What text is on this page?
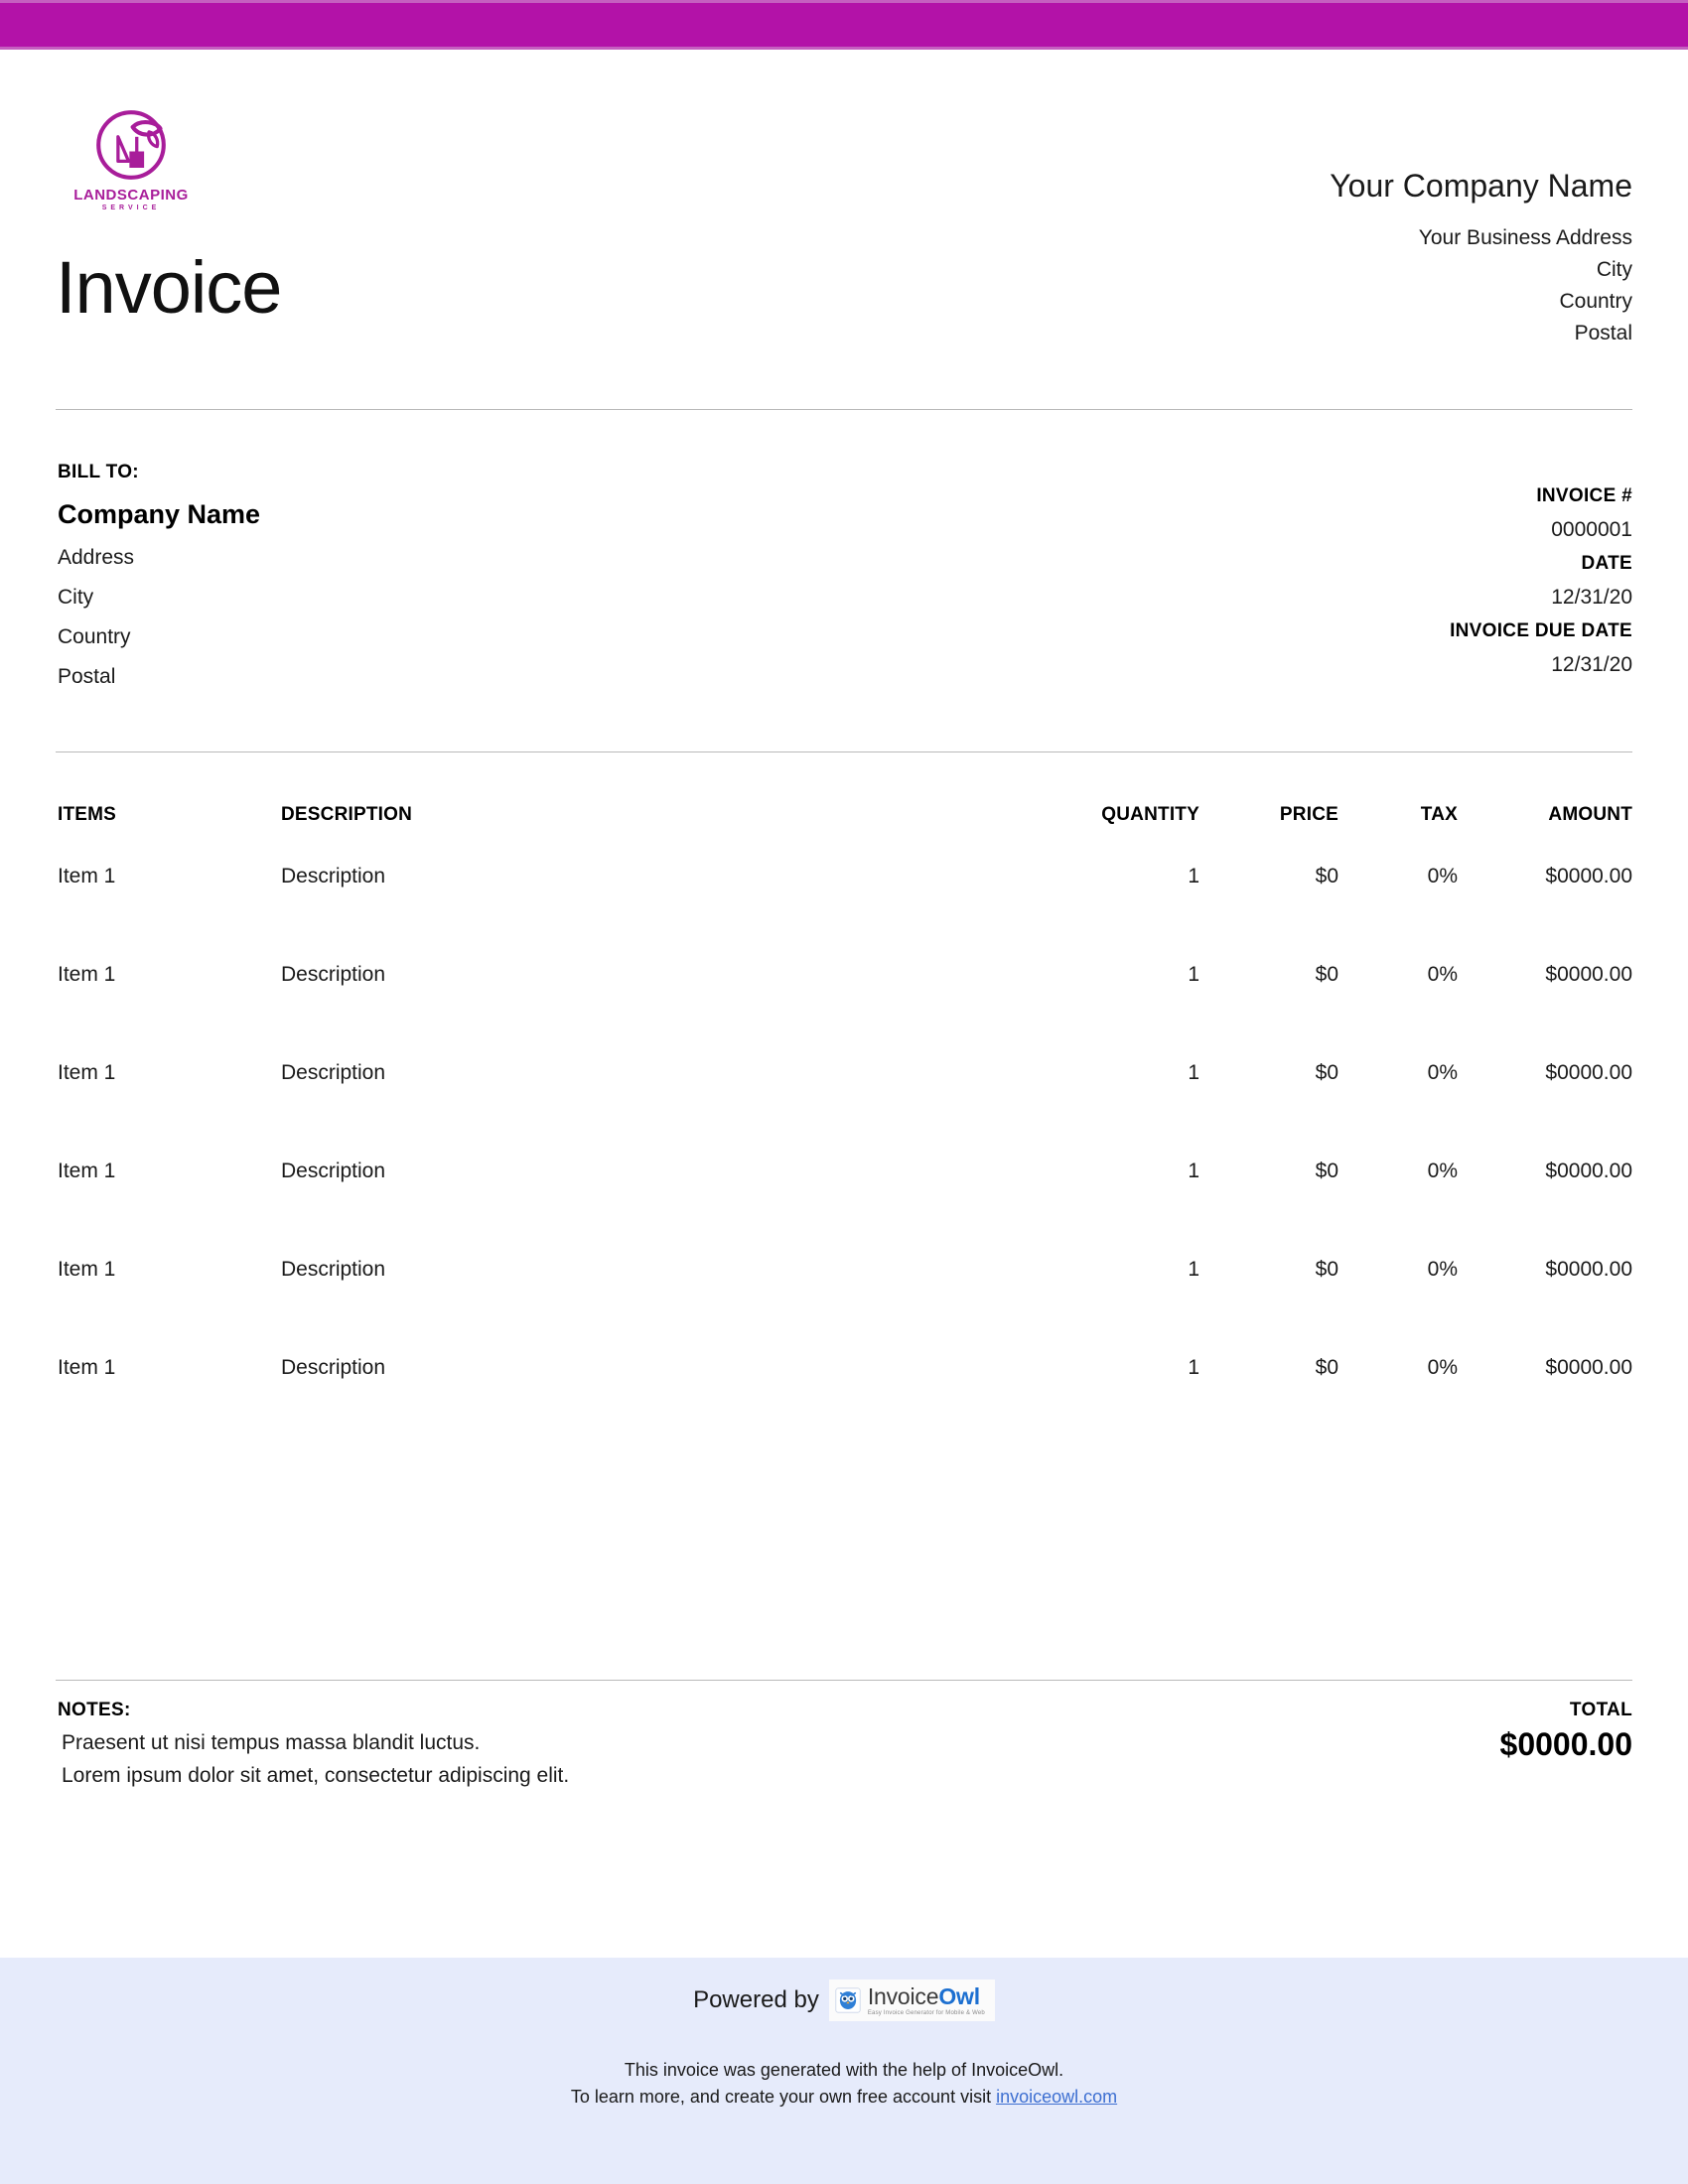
LANDSCAPING
SERVICE
Invoice
Your Company Name
Your Business Address
City
Country
Postal
BILL TO:
Company Name
Address
City
Country
Postal
INVOICE #
0000001
DATE
12/31/20
INVOICE DUE DATE
12/31/20
ITEMS	DESCRIPTION	QUANTITY	PRICE	TAX	AMOUNT
Item 1	Description	1	$0	0%	$0000.00
Item 1	Description	1	$0	0%	$0000.00
Item 1	Description	1	$0	0%	$0000.00
Item 1	Description	1	$0	0%	$0000.00
Item 1	Description	1	$0	0%	$0000.00
Item 1	Description	1	$0	0%	$0000.00
NOTES:
Praesent ut nisi tempus massa blandit luctus.
Lorem ipsum dolor sit amet, consectetur adipiscing elit.
TOTAL
$0000.00
Powered by InvoiceOwl
Easy Invoice Generator for Mobile & Web
This invoice was generated with the help of InvoiceOwl.
To learn more, and create your own free account visit invoiceowl.com
